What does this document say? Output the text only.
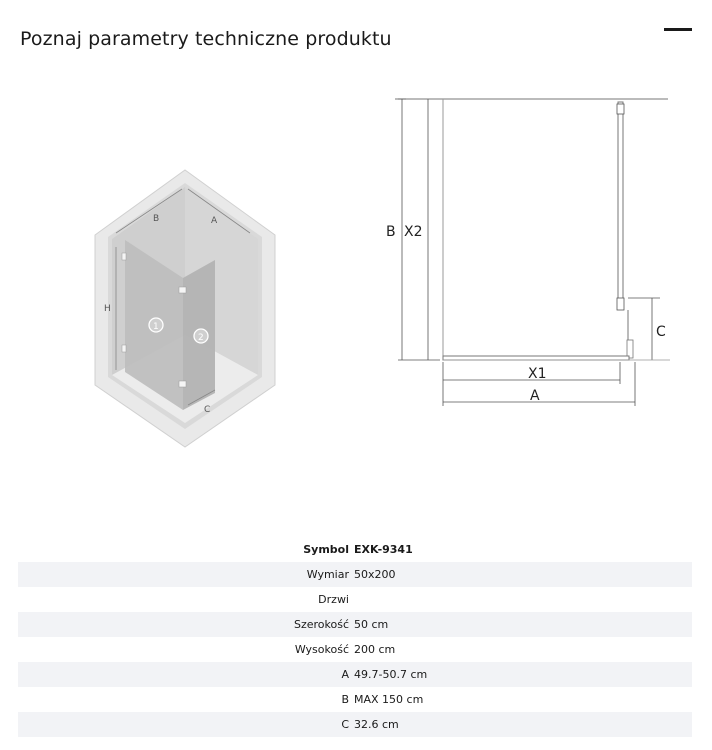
Poznaj parametry techniczne produktu
B	A
H
C
1
2
B X2
C
X1
A
Symbol EXK-9341
Wymiar 50x200
Drzwi
Szerokość 50 cm
Wysokość 200 cm
A 49.7-50.7 cm
B MAX 150 cm
C 32.6 cm
